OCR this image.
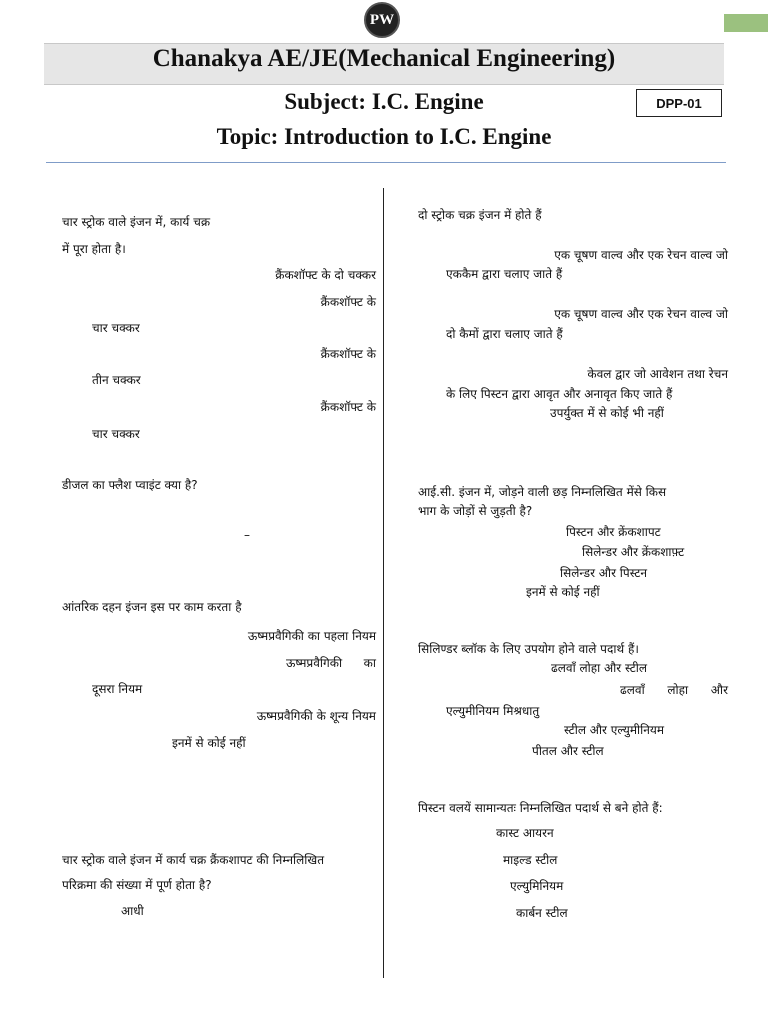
PW
Chanakya AE/JE(Mechanical Engineering)
Subject: I.C. Engine
Topic: Introduction to I.C. Engine
DPP-01
चार स्ट्रोक वाले इंजन में, कार्य चक्र
में पूरा होता है।
क्रैंकशॉफ्ट के दो चक्कर
क्रैंकशॉफ्ट के
चार चक्कर
क्रैंकशॉफ्ट के
तीन चक्कर
क्रैंकशॉफ्ट के
चार चक्कर
डीजल का फ्लैश प्वाइंट क्या है?
–
आंतरिक दहन इंजन इस पर काम करता है
ऊष्मप्रवैगिकी का पहला नियम
ऊष्मप्रवैगिकी का
दूसरा नियम
ऊष्मप्रवैगिकी के शून्य नियम
इनमें से कोई नहीं
चार स्ट्रोक वाले इंजन में कार्य चक्र क्रैंकशापट की निम्नलिखित
परिक्रमा की संख्या में पूर्ण होता है?
आधी
दो स्ट्रोक चक्र इंजन में होते हैं
एक चूषण वाल्व और एक रेचन वाल्व जो
एककैम द्वारा चलाए जाते हैं
एक चूषण वाल्व और एक रेचन वाल्व जो
दो कैमों द्वारा चलाए जाते हैं
केवल द्वार जो आवेशन तथा रेचन
के लिए पिस्टन द्वारा आवृत और अनावृत किए जाते हैं
उपर्युक्त में से कोई भी नहीं
आई.सी. इंजन में, जोड़ने वाली छड़ निम्नलिखित मेंसे किस
भाग के जोड़ों से जुड़ती है?
पिस्टन और क्रेंकशापट
सिलेन्डर और क्रेंकशाफ़्ट
सिलेन्डर और पिस्टन
इनमें से कोई नहीं
सिलिण्डर ब्लॉक के लिए उपयोग होने वाले पदार्थ हैं।
ढलवाँ लोहा और स्टील
ढलवाँ लोहा और
एल्युमीनियम मिश्रधातु
स्टील और एल्युमीनियम
पीतल और स्टील
पिस्टन वलयें सामान्यतः निम्नलिखित पदार्थ से बने होते हैं:
कास्ट आयरन
माइल्ड स्टील
एल्युमिनियम
कार्बन स्टील
